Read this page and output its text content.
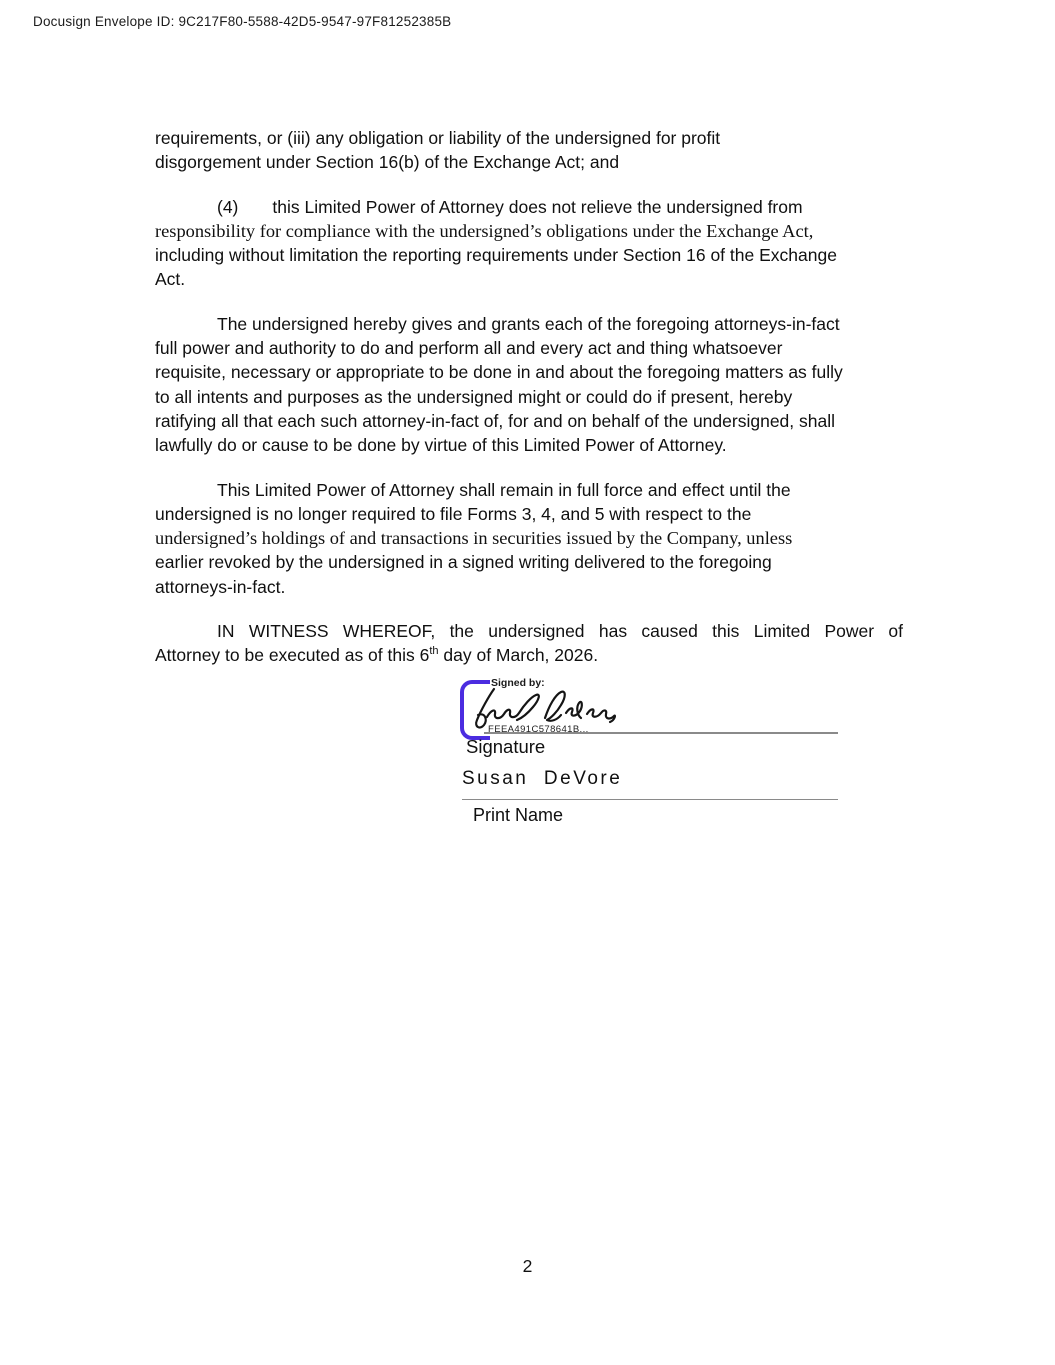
Docusign Envelope ID: 9C217F80-5588-42D5-9547-97F81252385B

requirements, or (iii) any obligation or liability of the undersigned for profit
disgorgement under Section 16(b) of the Exchange Act; and

(4)       this Limited Power of Attorney does not relieve the undersigned from
responsibility for compliance with the undersigned’s obligations under the Exchange Act,
including without limitation the reporting requirements under Section 16 of the Exchange
Act.

The undersigned hereby gives and grants each of the foregoing attorneys-in-fact
full power and authority to do and perform all and every act and thing whatsoever
requisite, necessary or appropriate to be done in and about the foregoing matters as fully
to all intents and purposes as the undersigned might or could do if present, hereby
ratifying all that each such attorney-in-fact of, for and on behalf of the undersigned, shall
lawfully do or cause to be done by virtue of this Limited Power of Attorney.

This Limited Power of Attorney shall remain in full force and effect until the
undersigned is no longer required to file Forms 3, 4, and 5 with respect to the
undersigned’s holdings of and transactions in securities issued by the Company, unless
earlier revoked by the undersigned in a signed writing delivered to the foregoing
attorneys-in-fact.

IN WITNESS WHEREOF, the undersigned has caused this Limited Power of
Attorney to be executed as of this 6th day of March, 2026.

Signed by:
FEEA491C578641B...
Signature
Susan  DeVore
Print Name
2
